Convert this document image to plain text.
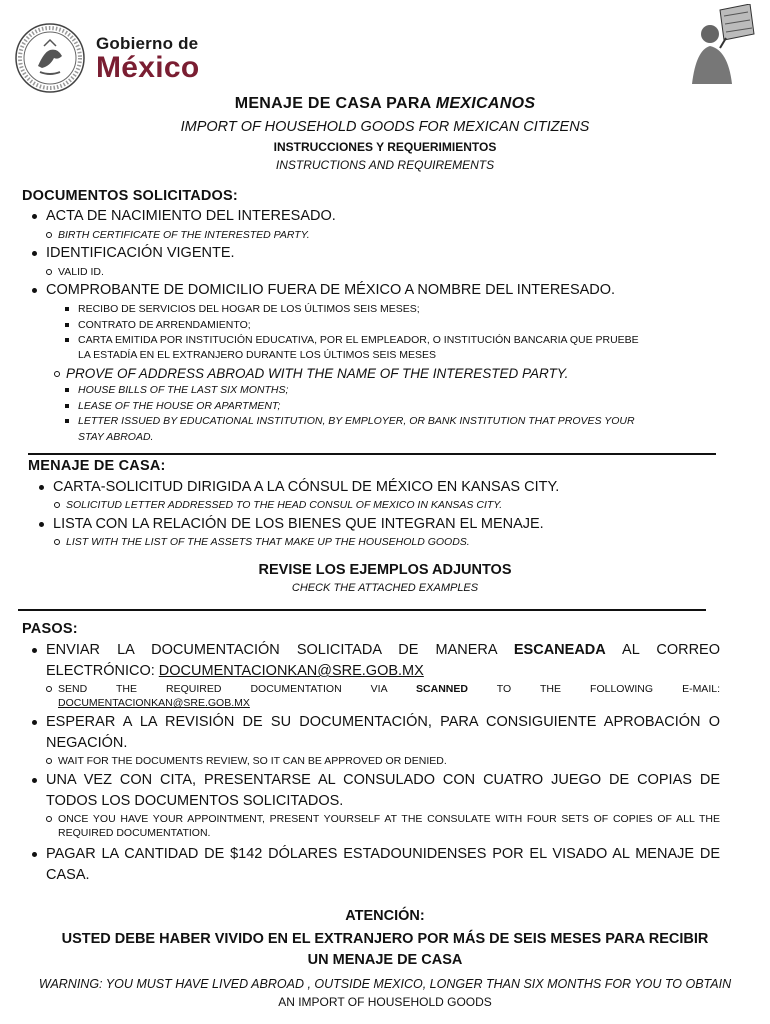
Gobierno de
México
MENAJE DE CASA PARA MEXICANOS
IMPORT OF HOUSEHOLD GOODS FOR MEXICAN CITIZENS
INSTRUCCIONES Y REQUERIMIENTOS
INSTRUCTIONS AND REQUIREMENTS
DOCUMENTOS SOLICITADOS:
ACTA DE NACIMIENTO DEL INTERESADO.
BIRTH CERTIFICATE OF THE INTERESTED PARTY.
IDENTIFICACIÓN VIGENTE.
VALID ID.
COMPROBANTE DE DOMICILIO FUERA DE MÉXICO A NOMBRE DEL INTERESADO.
RECIBO DE SERVICIOS DEL HOGAR DE LOS ÚLTIMOS SEIS MESES;
CONTRATO DE ARRENDAMIENTO;
CARTA EMITIDA POR INSTITUCIÓN EDUCATIVA, POR EL EMPLEADOR, O INSTITUCIÓN BANCARIA QUE PRUEBE
LA ESTADÍA EN EL EXTRANJERO DURANTE LOS ÚLTIMOS SEIS MESES
PROVE OF ADDRESS ABROAD WITH THE NAME OF THE INTERESTED PARTY.
HOUSE BILLS OF THE LAST SIX MONTHS;
LEASE OF THE HOUSE OR APARTMENT;
LETTER ISSUED BY EDUCATIONAL INSTITUTION, BY EMPLOYER, OR BANK INSTITUTION THAT PROVES YOUR
STAY ABROAD.
MENAJE DE CASA:
CARTA-SOLICITUD DIRIGIDA A LA CÓNSUL DE MÉXICO EN KANSAS CITY.
SOLICITUD LETTER ADDRESSED TO THE HEAD CONSUL OF MEXICO IN KANSAS CITY.
LISTA CON LA RELACIÓN DE LOS BIENES QUE INTEGRAN EL MENAJE.
LIST WITH THE LIST OF THE ASSETS THAT MAKE UP THE HOUSEHOLD GOODS.
REVISE LOS EJEMPLOS ADJUNTOS
CHECK THE ATTACHED EXAMPLES
PASOS:
ENVIAR LA DOCUMENTACIÓN SOLICITADA DE MANERA ESCANEADA AL CORREO ELECTRÓNICO: DOCUMENTACIONKAN@SRE.GOB.MX
SEND THE REQUIRED DOCUMENTATION VIA SCANNED TO THE FOLLOWING E-MAIL:
DOCUMENTACIONKAN@SRE.GOB.MX
ESPERAR A LA REVISIÓN DE SU DOCUMENTACIÓN, PARA CONSIGUIENTE APROBACIÓN O NEGACIÓN.
WAIT FOR THE DOCUMENTS REVIEW, SO IT CAN BE APPROVED OR DENIED.
UNA VEZ CON CITA, PRESENTARSE AL CONSULADO CON CUATRO JUEGO DE COPIAS DE TODOS LOS DOCUMENTOS SOLICITADOS.
ONCE YOU HAVE YOUR APPOINTMENT, PRESENT YOURSELF AT THE CONSULATE WITH FOUR SETS OF COPIES OF ALL THE REQUIRED DOCUMENTATION.
PAGAR LA CANTIDAD DE $142 DÓLARES ESTADOUNIDENSES POR EL VISADO AL MENAJE DE CASA.
ATENCIÓN:
USTED DEBE HABER VIVIDO EN EL EXTRANJERO POR MÁS DE SEIS MESES PARA RECIBIR
UN MENAJE DE CASA
WARNING: YOU MUST HAVE LIVED ABROAD , OUTSIDE MEXICO, LONGER THAN SIX MONTHS FOR YOU TO OBTAIN
AN IMPORT OF HOUSEHOLD GOODS
